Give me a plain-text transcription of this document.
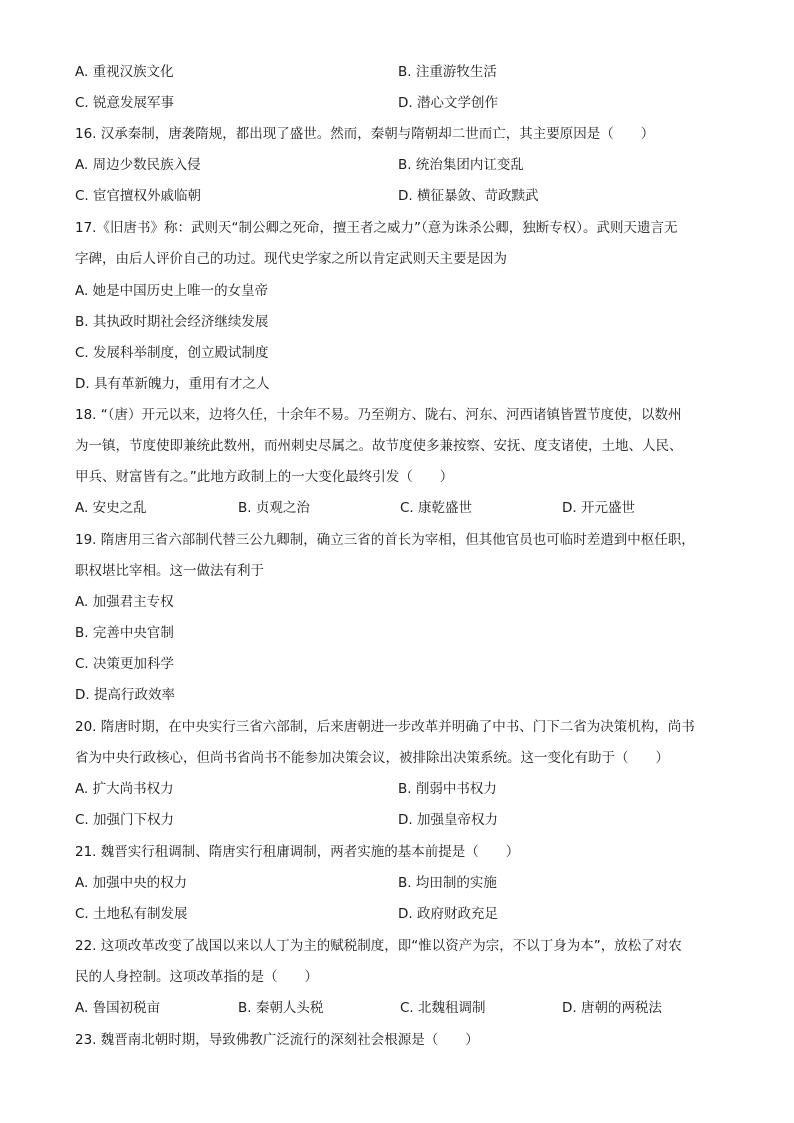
A. 重视汉族文化	B. 注重游牧生活
C. 锐意发展军事	D. 潜心文学创作
16. 汉承秦制，唐袭隋规，都出现了盛世。然而，秦朝与隋朝却二世而亡，其主要原因是（　　）
A. 周边少数民族入侵	B. 统治集团内讧变乱
C. 宦官擅权外戚临朝	D. 横征暴敛、苛政黩武
17.《旧唐书》称：武则天“制公卿之死命，擅王者之威力”（意为诛杀公卿，独断专权）。武则天遗言无
字碑，由后人评价自己的功过。现代史学家之所以肯定武则天主要是因为
A. 她是中国历史上唯一的女皇帝
B. 其执政时期社会经济继续发展
C. 发展科举制度，创立殿试制度
D. 具有革新魄力，重用有才之人
18. “（唐）开元以来，边将久任，十余年不易。乃至朔方、陇右、河东、河西诸镇皆置节度使，以数州
为一镇，节度使即兼统此数州，而州刺史尽属之。故节度使多兼按察、安抚、度支诸使，土地、人民、
甲兵、财富皆有之。”此地方政制上的一大变化最终引发（　　）
A. 安史之乱	B. 贞观之治	C. 康乾盛世	D. 开元盛世
19. 隋唐用三省六部制代替三公九卿制，确立三省的首长为宰相，但其他官员也可临时差遣到中枢任职，
职权堪比宰相。这一做法有利于
A. 加强君主专权
B. 完善中央官制
C. 决策更加科学
D. 提高行政效率
20. 隋唐时期，在中央实行三省六部制，后来唐朝进一步改革并明确了中书、门下二省为决策机构，尚书
省为中央行政核心，但尚书省尚书不能参加决策会议，被排除出决策系统。这一变化有助于（　　）
A. 扩大尚书权力	B. 削弱中书权力
C. 加强门下权力	D. 加强皇帝权力
21. 魏晋实行租调制、隋唐实行租庸调制，两者实施的基本前提是（　　）
A. 加强中央的权力	B. 均田制的实施
C. 土地私有制发展	D. 政府财政充足
22. 这项改革改变了战国以来以人丁为主的赋税制度，即“惟以资产为宗，不以丁身为本”，放松了对农
民的人身控制。这项改革指的是（　　）
A. 鲁国初税亩	B. 秦朝人头税	C. 北魏租调制	D. 唐朝的两税法
23. 魏晋南北朝时期，导致佛教广泛流行的深刻社会根源是（　　）
